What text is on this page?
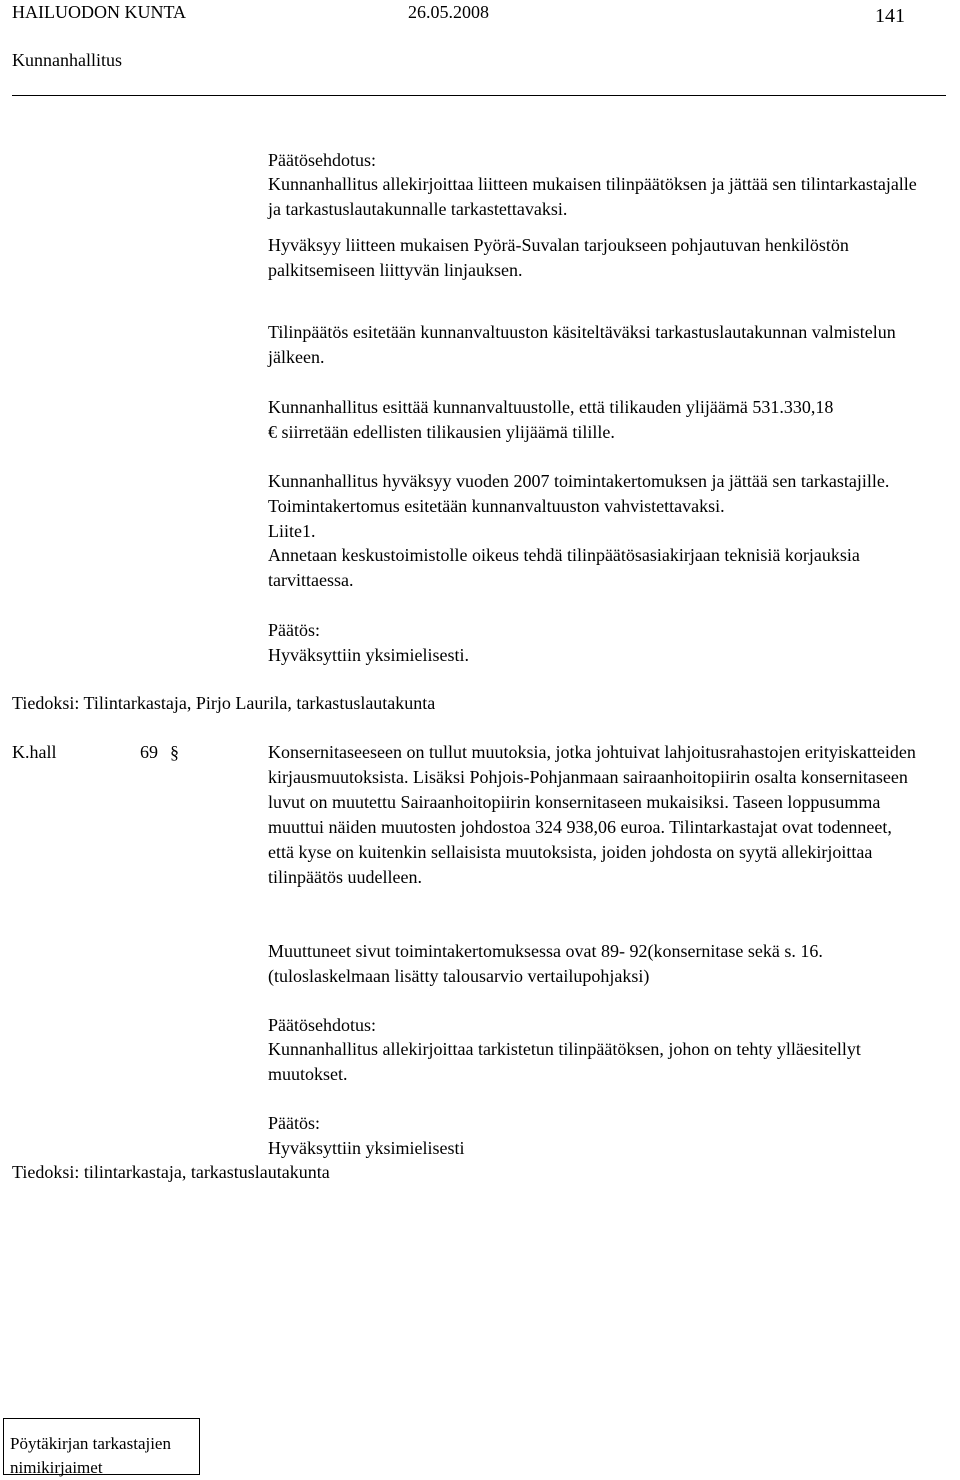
HAILUODON KUNTA	26.05.2008	141
Kunnanhallitus
Päätösehdotus:
Kunnanhallitus allekirjoittaa liitteen mukaisen tilinpäätöksen ja jättää sen tilintarkastajalle ja tarkastuslautakunnalle tarkastettavaksi.
Hyväksyy liitteen mukaisen Pyörä-Suvalan tarjoukseen pohjautuvan henkilöstön palkitsemiseen liittyvän linjauksen.
Tilinpäätös esitetään kunnanvaltuuston käsiteltäväksi tarkastuslautakunnan valmistelun jälkeen.
Kunnanhallitus esittää kunnanvaltuustolle, että tilikauden ylijäämä 531.330,18
€ siirretään edellisten tilikausien ylijäämä tilille.
Kunnanhallitus hyväksyy vuoden 2007 toimintakertomuksen ja jättää sen tarkastajille. Toimintakertomus esitetään kunnanvaltuuston vahvistettavaksi.
Liite1.
Annetaan keskustoimistolle oikeus tehdä tilinpäätösasiakirjaan teknisiä korjauksia tarvittaessa.
Päätös:
Hyväksyttiin yksimielisesti.
Tiedoksi: Tilintarkastaja, Pirjo Laurila, tarkastuslautakunta
K.hall	69 §	Konsernitaseeseen on tullut muutoksia, jotka johtuivat lahjoitusrahastojen erityiskatteiden kirjausmuutoksista. Lisäksi Pohjois-Pohjanmaan sairaanhoitopiirin osalta konsernitaseen luvut on muutettu Sairaanhoitopiirin konsernitaseen mukaisiksi. Taseen loppusumma muuttui näiden muutosten johdostoa 324 938,06 euroa. Tilintarkastajat ovat todenneet, että kyse on kuitenkin sellaisista muutoksista, joiden johdosta on syytä allekirjoittaa tilinpäätös uudelleen.
Muuttuneet sivut toimintakertomuksessa ovat 89- 92(konsernitase sekä s. 16. (tuloslaskelmaan lisätty talousarvio vertailupohjaksi)
Päätösehdotus:
Kunnanhallitus allekirjoittaa tarkistetun tilinpäätöksen, johon on tehty ylläesitellyt muutokset.
Päätös:
Hyväksyttiin yksimielisesti
Tiedoksi: tilintarkastaja, tarkastuslautakunta
Pöytäkirjan tarkastajien
nimikirjaimet
